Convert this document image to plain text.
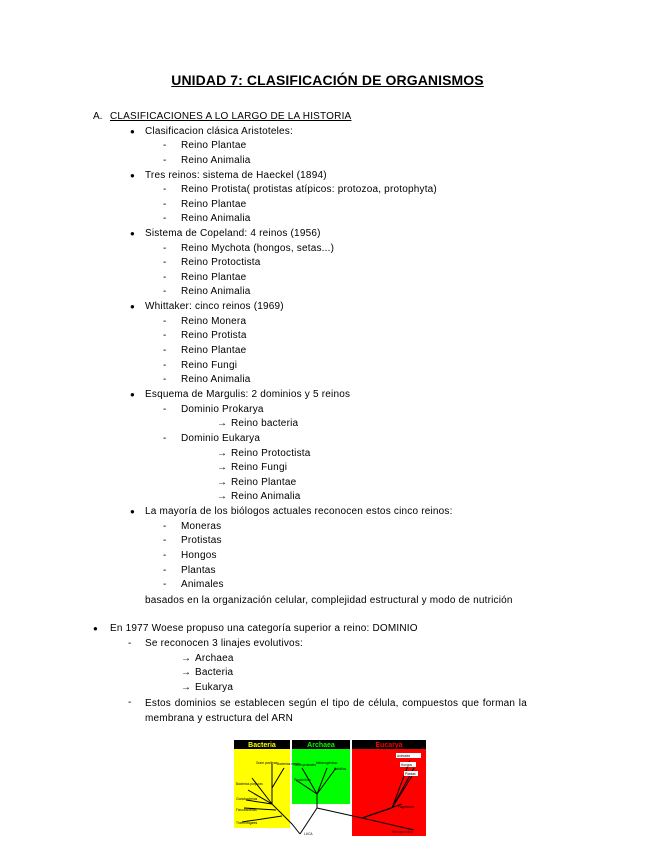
UNIDAD 7: CLASIFICACIÓN DE ORGANISMOS
A. CLASIFICACIONES A LO LARGO DE LA HISTORIA
● Clasificacion clásica Aristoteles:
- Reino Plantae
- Reino Animalia
● Tres reinos: sistema de Haeckel (1894)
- Reino Protista( protistas atípicos: protozoa, protophyta)
- Reino Plantae
- Reino Animalia
● Sistema de Copeland: 4 reinos (1956)
- Reino Mychota (hongos, setas...)
- Reino Protoctista
- Reino Plantae
- Reino Animalia
● Whittaker: cinco reinos (1969)
- Reino Monera
- Reino Protista
- Reino Plantae
- Reino Fungi
- Reino Animalia
● Esquema de Margulis: 2 dominios y 5 reinos
- Dominio Prokarya
→ Reino bacteria
- Dominio Eukarya
→ Reino Protoctista
→ Reino Fungi
→ Reino Plantae
→ Reino Animalia
● La mayoría de los biólogos actuales reconocen estos cinco reinos:
- Moneras
- Protistas
- Hongos
- Plantas
- Animales
basados en la organización celular, complejidad estructural y modo de nutrición
● En 1977 Woese propuso una categoría superior a reino: DOMINIO
- Se reconocen 3 linajes evolutivos:
→ Archaea
→ Bacteria
→ Eukarya
- Estos dominios se establecen según el tipo de célula, compuestos que forman la membrana y estructura del ARN
Bacteria	Archaea	Eucarya
Gram positivas Bacterias verdes
Bacterias púrpuras
Cianobacterias
Flavobacterias
Thermotogales
Termoproteales
Pyrodictium
Metanogénicas
Halófilas
Animales
Hongos
Plantas
Flagelados
Microsporidios
LUCA
